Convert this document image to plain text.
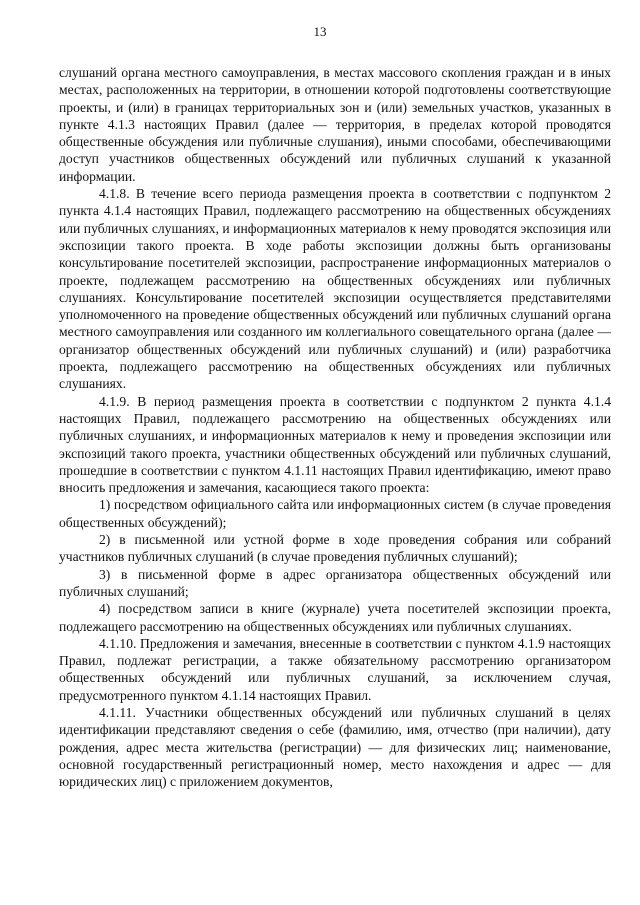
13

слушаний органа местного самоуправления, в местах массового скопления граждан и в иных местах, расположенных на территории, в отношении которой подготовлены соответствующие проекты, и (или) в границах территориальных зон и (или) земельных участков, указанных в пункте 4.1.3 настоящих Правил (далее — территория, в пределах которой проводятся общественные обсуждения или публичные слушания), иными способами, обеспечивающими доступ участников общественных обсуждений или публичных слушаний к указанной информации.

4.1.8. В течение всего периода размещения проекта в соответствии с подпунктом 2 пункта 4.1.4 настоящих Правил, подлежащего рассмотрению на общественных обсуждениях или публичных слушаниях, и информационных материалов к нему проводятся экспозиция или экспозиции такого проекта. В ходе работы экспозиции должны быть организованы консультирование посетителей экспозиции, распространение информационных материалов о проекте, подлежащем рассмотрению на общественных обсуждениях или публичных слушаниях. Консультирование посетителей экспозиции осуществляется представителями уполномоченного на проведение общественных обсуждений или публичных слушаний органа местного самоуправления или созданного им коллегиального совещательного органа (далее — организатор общественных обсуждений или публичных слушаний) и (или) разработчика проекта, подлежащего рассмотрению на общественных обсуждениях или публичных слушаниях.

4.1.9. В период размещения проекта в соответствии с подпунктом 2 пункта 4.1.4 настоящих Правил, подлежащего рассмотрению на общественных обсуждениях или публичных слушаниях, и информационных материалов к нему и проведения экспозиции или экспозиций такого проекта, участники общественных обсуждений или публичных слушаний, прошедшие в соответствии с пунктом 4.1.11 настоящих Правил идентификацию, имеют право вносить предложения и замечания, касающиеся такого проекта:

1) посредством официального сайта или информационных систем (в случае проведения общественных обсуждений);

2) в письменной или устной форме в ходе проведения собрания или собраний участников публичных слушаний (в случае проведения публичных слушаний);

3) в письменной форме в адрес организатора общественных обсуждений или публичных слушаний;

4) посредством записи в книге (журнале) учета посетителей экспозиции проекта, подлежащего рассмотрению на общественных обсуждениях или публичных слушаниях.

4.1.10. Предложения и замечания, внесенные в соответствии с пунктом 4.1.9 настоящих Правил, подлежат регистрации, а также обязательному рассмотрению организатором общественных обсуждений или публичных слушаний, за исключением случая, предусмотренного пунктом 4.1.14 настоящих Правил.

4.1.11. Участники общественных обсуждений или публичных слушаний в целях идентификации представляют сведения о себе (фамилию, имя, отчество (при наличии), дату рождения, адрес места жительства (регистрации) — для физических лиц; наименование, основной государственный регистрационный номер, место нахождения и адрес — для юридических лиц) с приложением документов,
